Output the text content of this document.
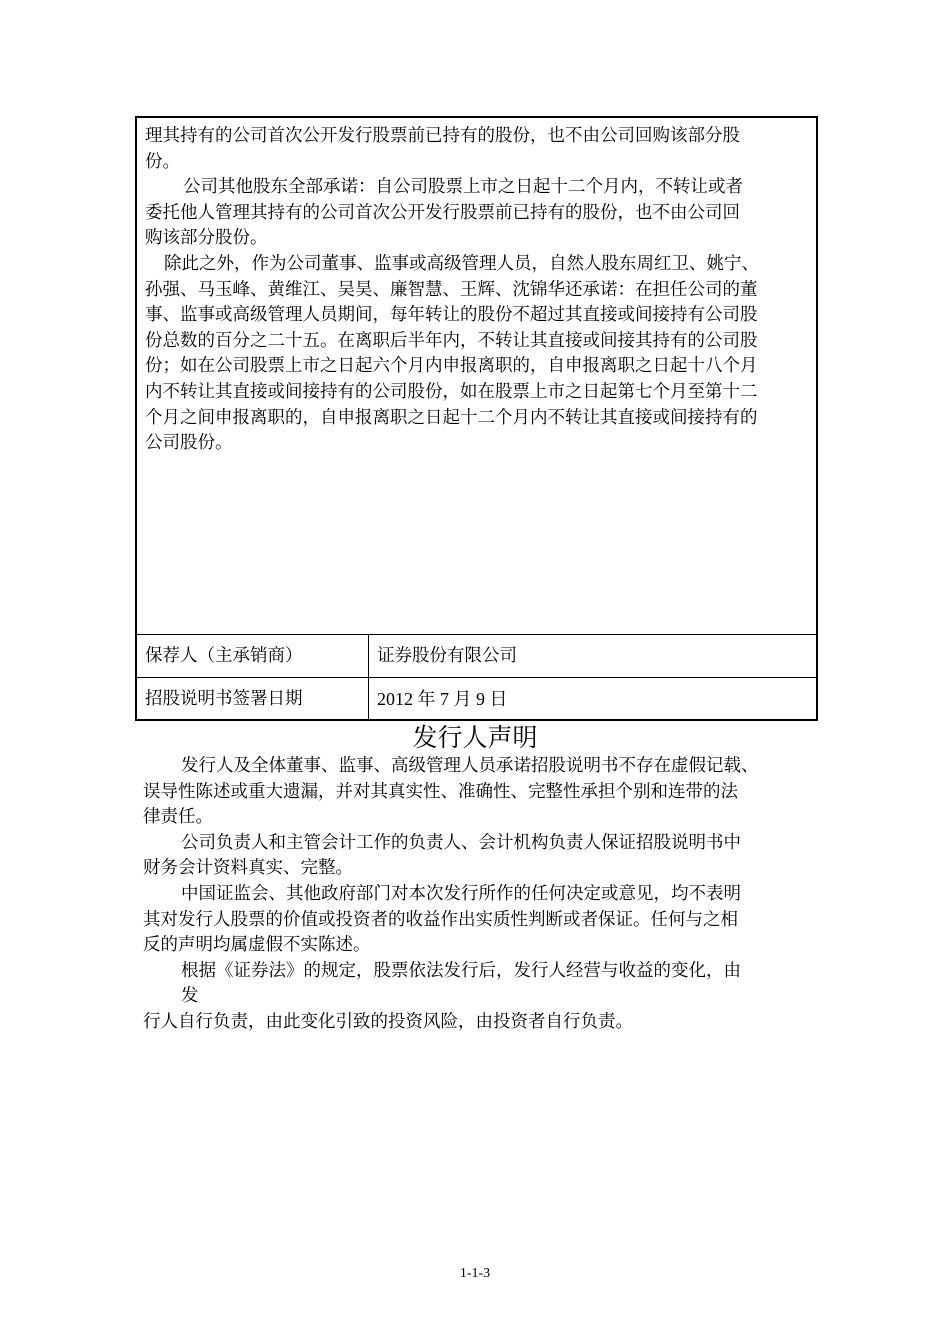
理其持有的公司首次公开发行股票前已持有的股份，也不由公司回购该部分股
份。
公司其他股东全部承诺：自公司股票上市之日起十二个月内，不转让或者
委托他人管理其持有的公司首次公开发行股票前已持有的股份，也不由公司回
购该部分股份。
除此之外，作为公司董事、监事或高级管理人员，自然人股东周红卫、姚宁、
孙强、马玉峰、黄维江、吴昊、廉智慧、王辉、沈锦华还承诺：在担任公司的董
事、监事或高级管理人员期间，每年转让的股份不超过其直接或间接持有公司股
份总数的百分之二十五。在离职后半年内，不转让其直接或间接其持有的公司股
份；如在公司股票上市之日起六个月内申报离职的，自申报离职之日起十八个月
内不转让其直接或间接持有的公司股份，如在股票上市之日起第七个月至第十二
个月之间申报离职的，自申报离职之日起十二个月内不转让其直接或间接持有的
公司股份。
保荐人（主承销商）	证券股份有限公司
招股说明书签署日期	2012 年 7 月 9 日
发行人声明
发行人及全体董事、监事、高级管理人员承诺招股说明书不存在虚假记载、
误导性陈述或重大遗漏，并对其真实性、准确性、完整性承担个别和连带的法
律责任。
公司负责人和主管会计工作的负责人、会计机构负责人保证招股说明书中
财务会计资料真实、完整。
中国证监会、其他政府部门对本次发行所作的任何决定或意见，均不表明
其对发行人股票的价值或投资者的收益作出实质性判断或者保证。任何与之相
反的声明均属虚假不实陈述。
根据《证券法》的规定，股票依法发行后，发行人经营与收益的变化，由
发
行人自行负责，由此变化引致的投资风险，由投资者自行负责。
1-1-3
